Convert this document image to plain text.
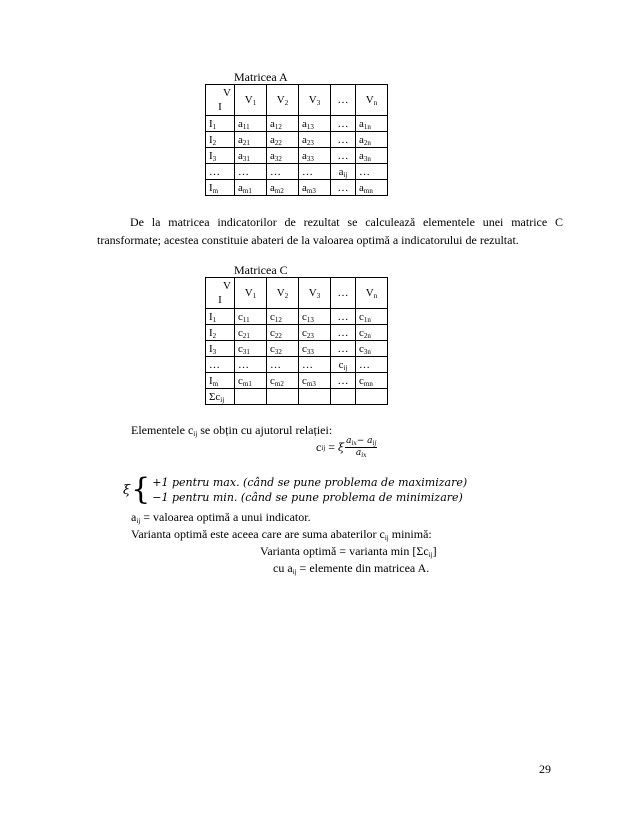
Matricea A
V
I	$V_1$	$V_2$	$V_3$	…	$V_n$
$I_1$	$a_{11}$	$a_{12}$	$a_{13}$	…	$a_{1n}$
$I_2$	$a_{21}$	$a_{22}$	$a_{23}$	…	$a_{2n}$
$I_3$	$a_{31}$	$a_{32}$	$a_{33}$	…	$a_{3n}$
…	…	…	…	$a_{ij}$	…
$I_m$	$a_{m1}$	$a_{m2}$	$a_{m3}$	…	$a_{mn}$
De la matricea indicatorilor de rezultat se calculează elementele unei matrice C transformate; acestea constituie abateri de la valoarea optimă a indicatorului de rezultat.
Matricea C
V
I	$V_1$	$V_2$	$V_3$	…	$V_n$
$I_1$	$c_{11}$	$c_{12}$	$c_{13}$	…	$c_{1n}$
$I_2$	$c_{21}$	$c_{22}$	$c_{23}$	…	$c_{2n}$
$I_3$	$c_{31}$	$c_{32}$	$c_{33}$	…	$c_{3n}$
…	…	…	…	$c_{ij}$	…
$I_m$	$c_{m1}$	$c_{m2}$	$c_{m3}$	…	$c_{mn}$
$\Sigma c_{ij}$					
Elementele $c_{ij}$ se obțin cu ajutorul relației:
c ij = ξ $a_{ix}- a_{ij}$
$a_{ix}$
ξ { +1 pentru max. (când se pune problema de maximizare)
−1 pentru min. (când se pune problema de minimizare)
$a_{ij}$ = valoarea optimă a unui indicator.
Varianta optimă este aceea care are suma abaterilor $c_{ij}$ minimă:
Varianta optimă = varianta $\min [\Sigma c_{ij}]$
cu $a_{ij}$ = elemente din matricea A.
29
